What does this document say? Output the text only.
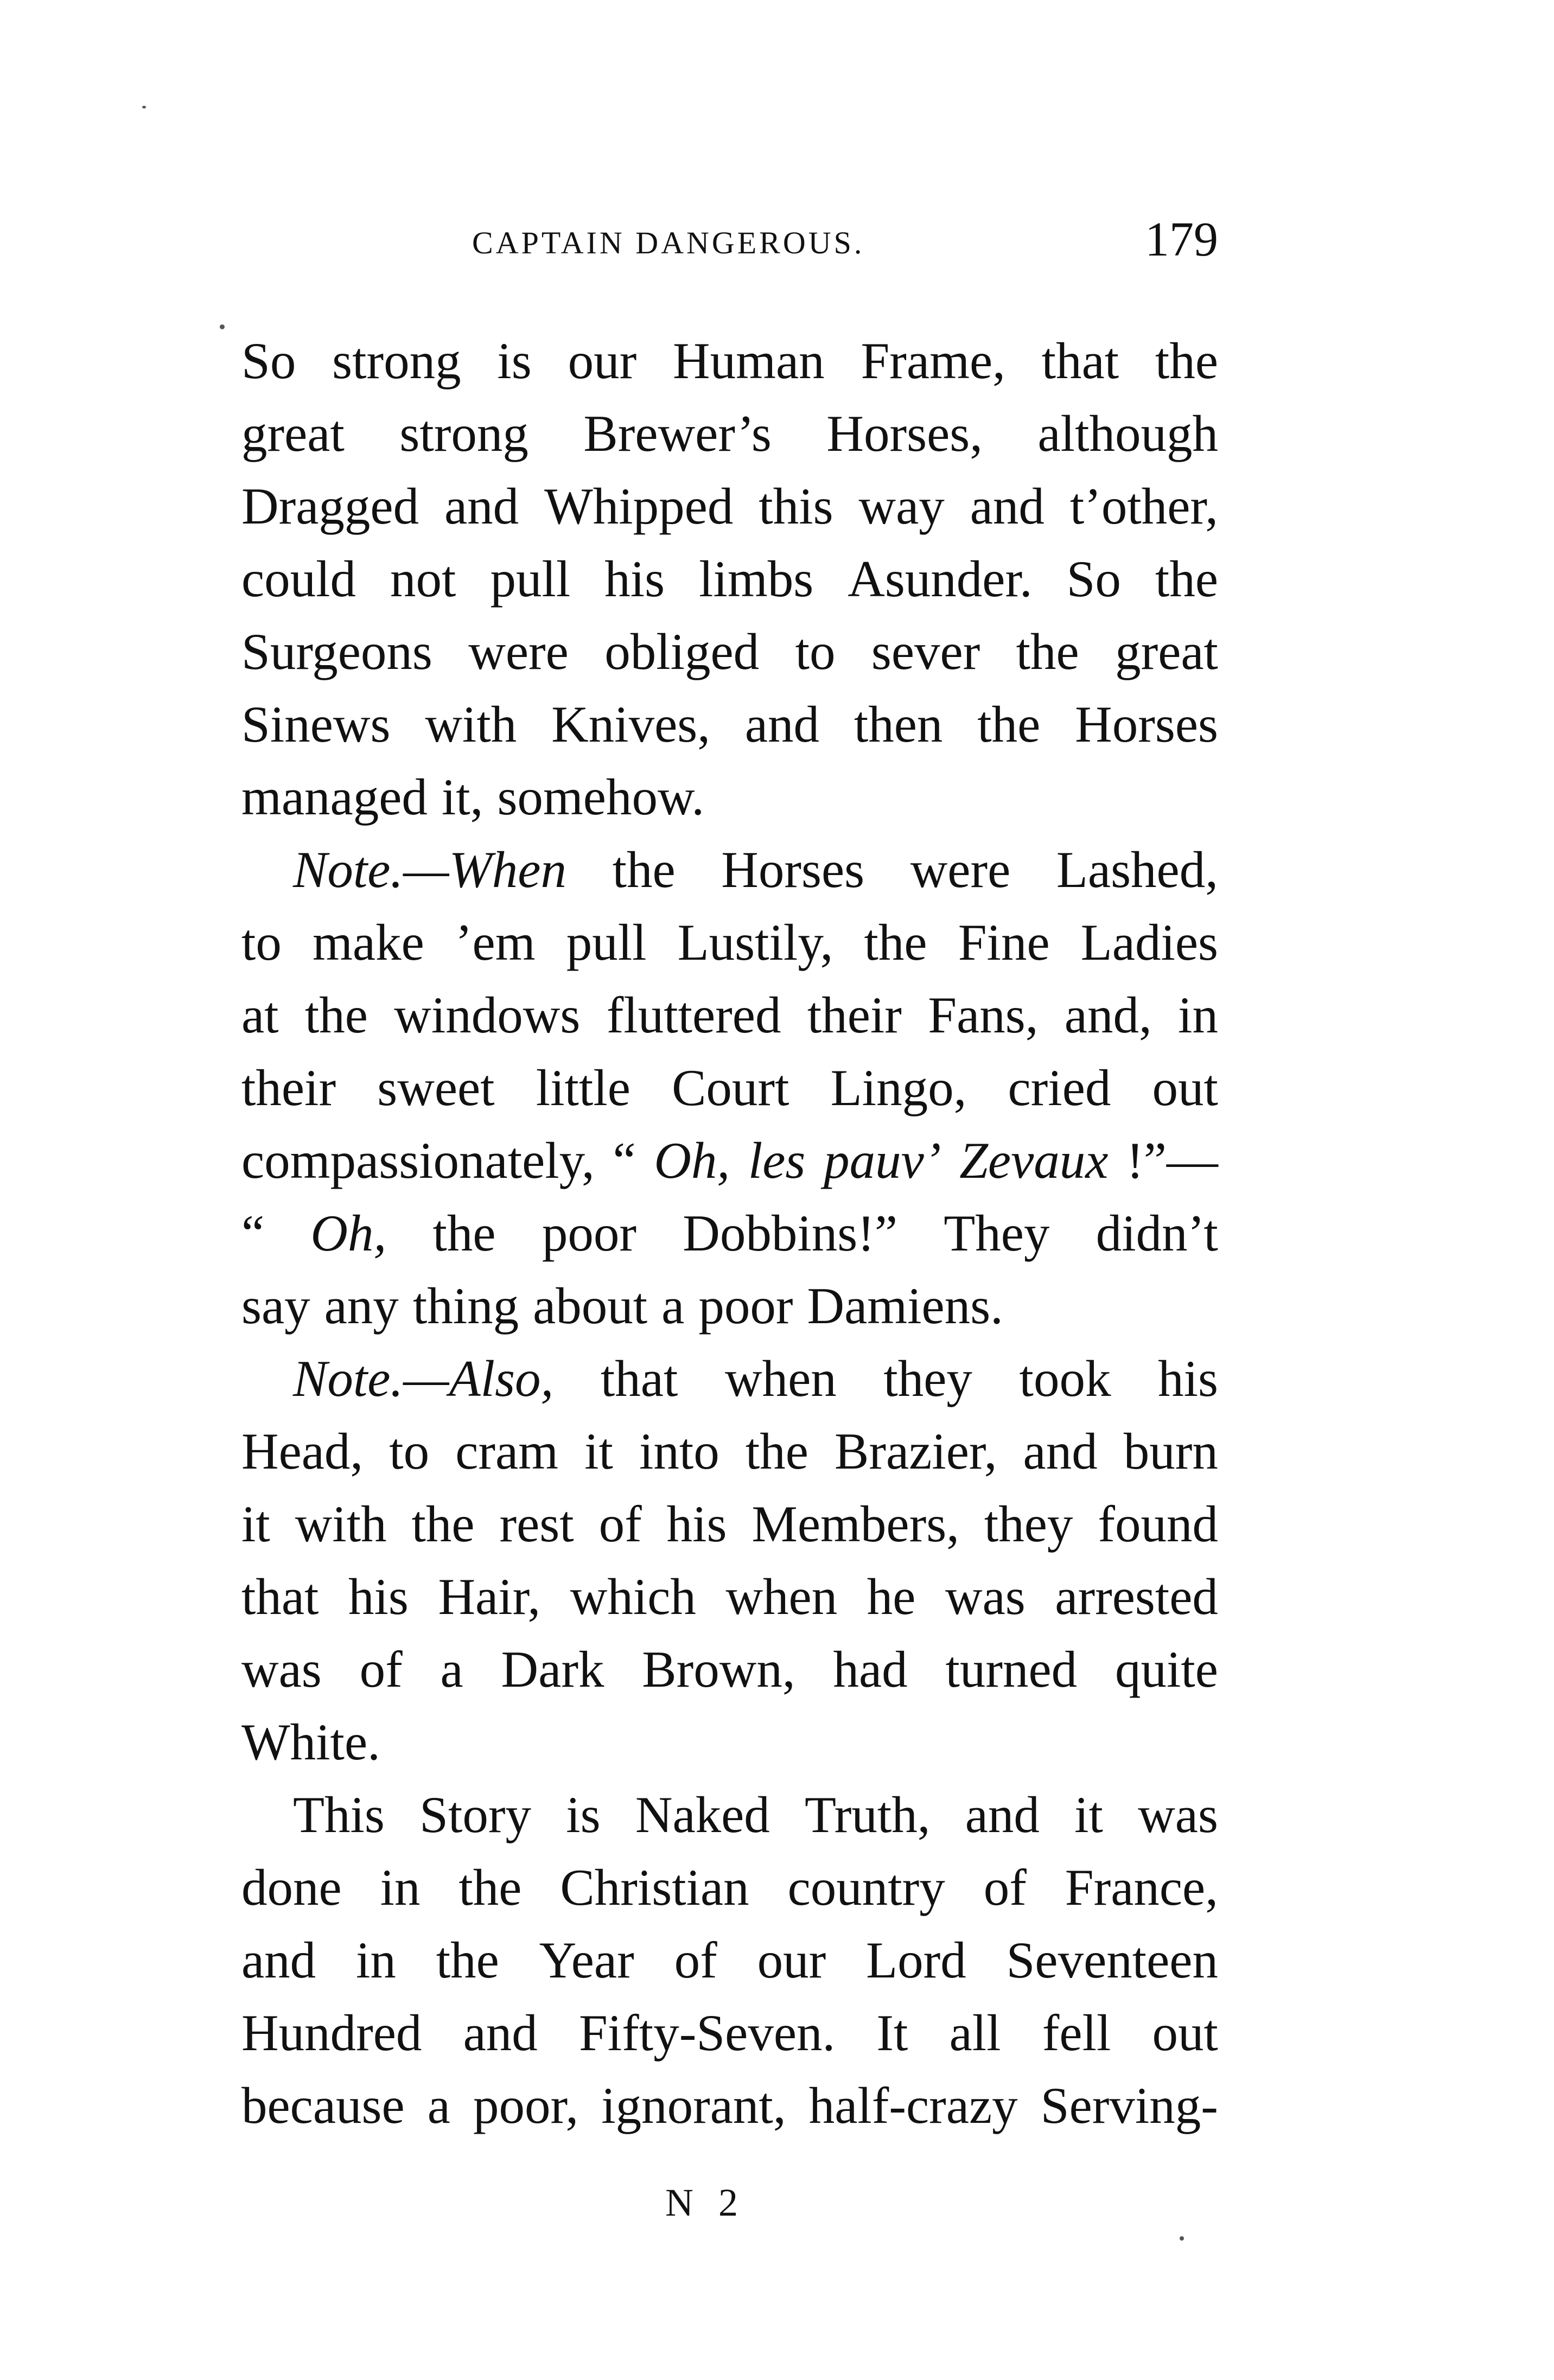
CAPTAIN DANGEROUS.	179
So strong is our Human Frame, that the
great strong Brewer’s Horses, although
Dragged and Whipped this way and t’other,
could not pull his limbs Asunder. So the
Surgeons were obliged to sever the great
Sinews with Knives, and then the Horses
managed it, somehow.
Note.—When the Horses were Lashed,
to make ’em pull Lustily, the Fine Ladies
at the windows fluttered their Fans, and, in
their sweet little Court Lingo, cried out
compassionately, “ Oh, les pauv’ Zevaux !”—
“ Oh, the poor Dobbins!” They didn’t
say any thing about a poor Damiens.
Note.—Also, that when they took his
Head, to cram it into the Brazier, and burn
it with the rest of his Members, they found
that his Hair, which when he was arrested
was of a Dark Brown, had turned quite
White.
This Story is Naked Truth, and it was
done in the Christian country of France,
and in the Year of our Lord Seventeen
Hundred and Fifty-Seven. It all fell out
because a poor, ignorant, half-crazy Serving-
N 2
